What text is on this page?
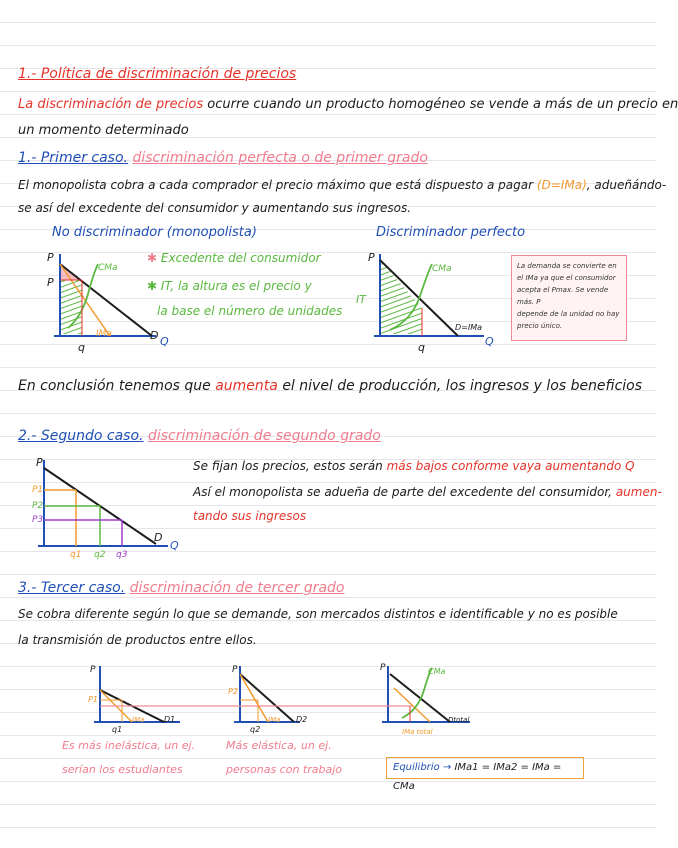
1.- Política de discriminación de precios
La discriminación de precios ocurre cuando un producto homogéneo se vende a más de un precio en
un momento determinado
1.- Primer caso. discriminación perfecta o de primer grado
El monopolista cobra a cada comprador el precio máximo que está dispuesto a pagar (D=IMa), adueñándo-
se así del excedente del consumidor y aumentando sus ingresos.
No discriminador (monopolista)	Discriminador perfecto
P
P
CMa
IMa	D Q
q
✱ Excedente del consumidor
✱ IT, la altura es el precio y
la base el número de unidades
P
IT
CMa
D=IMa
Q
q
La demanda se convierte en
el IMa ya que el consumidor
acepta el Pmax. Se vende más. P
depende de la unidad no hay
precio único.
En conclusión tenemos que aumenta el nivel de producción, los ingresos y los beneficios
2.- Segundo caso. discriminación de segundo grado
P
P1
P2
P3
q1 q2 q3
D
Q
Se fijan los precios, estos serán más bajos conforme vaya aumentando Q
Así el monopolista se adueña de parte del excedente del consumidor, aumen-
tando sus ingresos
3.- Tercer caso. discriminación de tercer grado
Se cobra diferente según lo que se demande, son mercados distintos e identificable y no es posible
la transmisión de productos entre ellos.
P
P1
q1
IMa D1
P
P2
q2
IMa D2
P	CMa
IMa total
Dtotal
Es más inelástica, un ej.
serían los estudiantes
Más elástica, un ej.
personas con trabajo	Equilibrio → IMa1 = IMa2 = IMa = CMa
